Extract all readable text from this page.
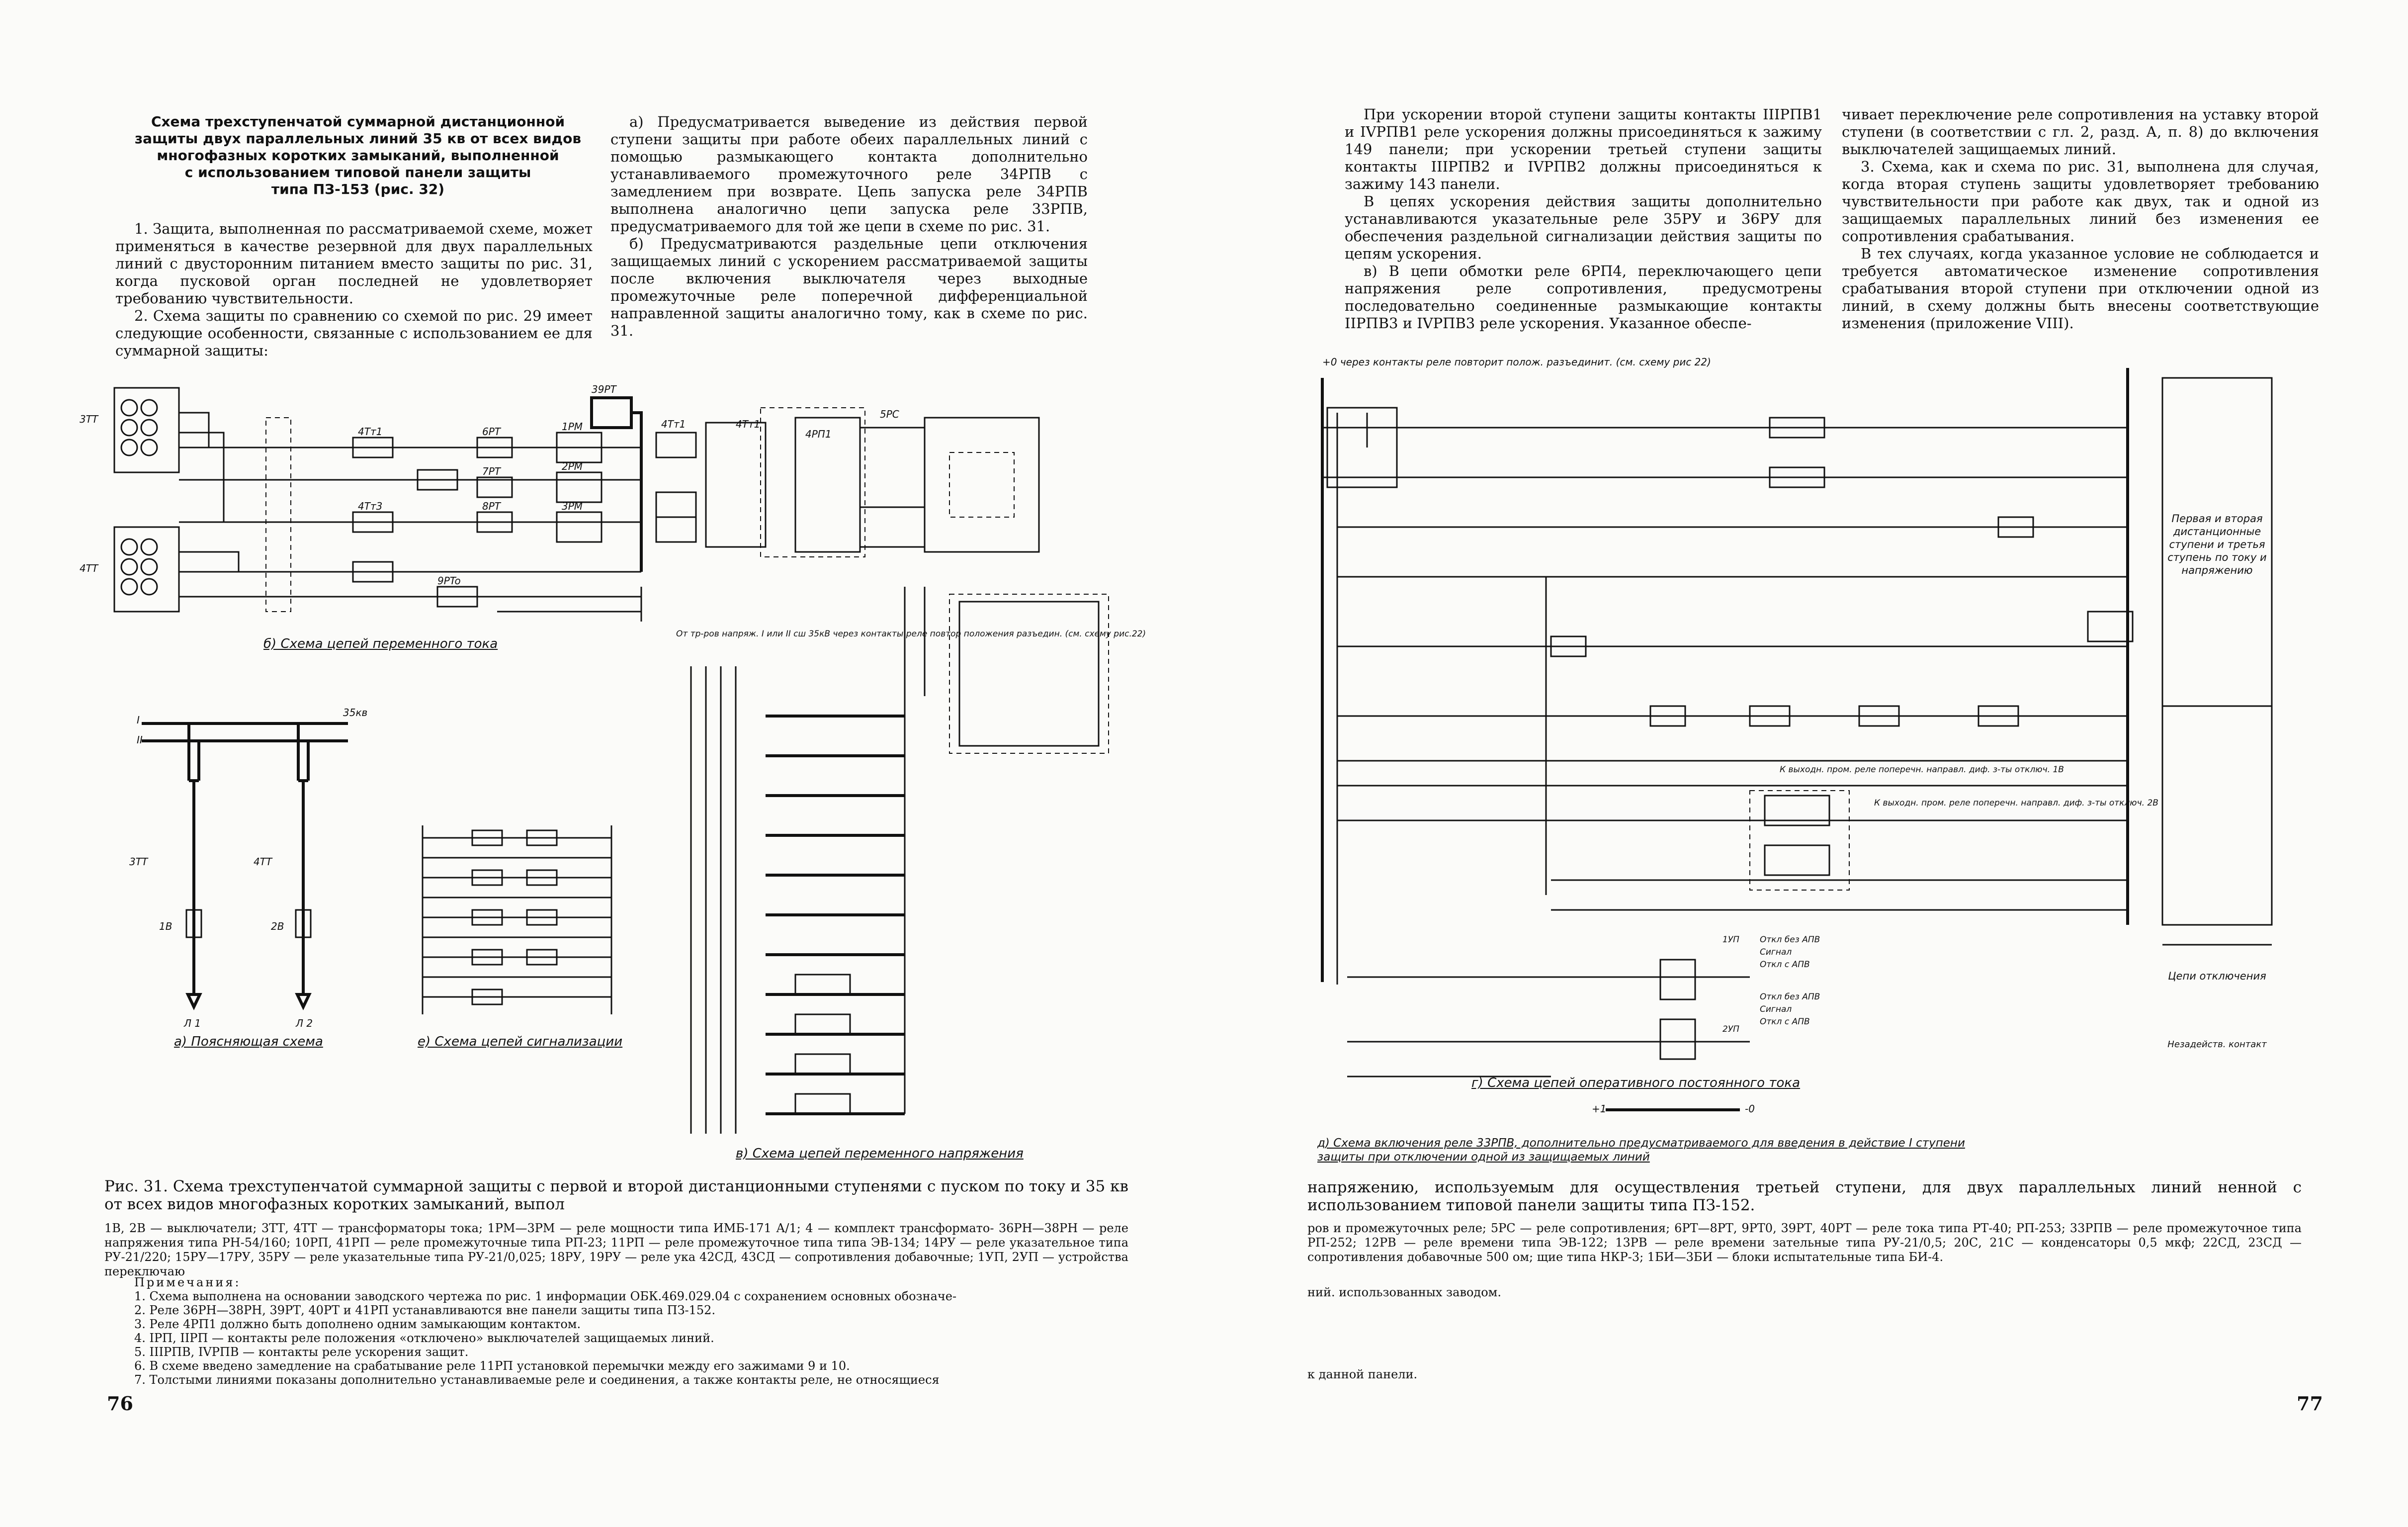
Схема трехступенчатой суммарной дистанционной
защиты двух параллельных линий 35 кв от всех видов
многофазных коротких замыканий, выполненной
с использованием типовой панели защиты
типа ПЗ-153 (рис. 32)

1. Защита, выполненная по рассматриваемой схеме, может применяться в качестве резервной для двух параллельных линий с двусторонним питанием вместо защиты по рис. 31, когда пусковой орган последней не удовлетворяет требованию чувствительности.

2. Схема защиты по сравнению со схемой по рис. 29 имеет следующие особенности, связанные с использованием ее для суммарной защиты:

а) Предусматривается выведение из действия первой ступени защиты при работе обеих параллельных линий с помощью размыкающего контакта дополнительно устанавливаемого промежуточного реле 34РПВ с замедлением при возврате. Цепь запуска реле 34РПВ выполнена аналогично цепи запуска реле 33РПВ, предусматриваемого для той же цепи в схеме по рис. 31.

б) Предусматриваются раздельные цепи отключения защищаемых линий с ускорением рассматриваемой защиты после включения выключателя через выходные промежуточные реле поперечной дифференциальной направленной защиты аналогично тому, как в схеме по рис. 31.

3ТТ
4ТТ
39PT
4Tт1	4Tт1
4РП1
5РС
4Tт1
4Tт3
9PTo
6PT
7PT
8PT
1PM
2PM
3PM
I
II
35кв
3ТТ	4ТТ
1В	2В
Л 1	Л 2
От тр-ров напряж. I или II сш 35кВ через контакты реле повтор положения разъедин. (см. схему рис.22)
б) Схема цепей переменного тока
а) Поясняющая схема	е) Схема цепей сигнализации
в) Схема цепей переменного напряжения
Рис. 31. Схема трехступенчатой суммарной защиты с первой и второй дистанционными ступенями с пуском по току и 35 кв от всех видов многофазных коротких замыканий, выпол
1В, 2В — выключатели; 3ТТ, 4ТТ — трансформаторы тока; 1РМ—3РМ — реле мощности типа ИМБ-171 А/1; 4 — комплект трансформато- 36РН—38РН — реле напряжения типа РН-54/160; 10РП, 41РП — реле промежуточные типа РП-23; 11РП — реле промежуточное типа типа ЭВ-134; 14РУ — реле указательное типа РУ-21/220; 15РУ—17РУ, 35РУ — реле указательные типа РУ-21/0,025; 18РУ, 19РУ — реле ука 42СД, 43СД — сопротивления добавочные; 1УП, 2УП — устройства переключаю
Примечания:
1. Схема выполнена на основании заводского чертежа по рис. 1 информации ОБК.469.029.04 с сохранением основных обозначе-
2. Реле 36РН—38РН, 39РТ, 40РТ и 41РП устанавливаются вне панели защиты типа ПЗ-152.
3. Реле 4РП1 должно быть дополнено одним замыкающим контактом.
4. IРП, IIРП — контакты реле положения «отключено» выключателей защищаемых линий.
5. IIIРПВ, IVРПВ — контакты реле ускорения защит.
6. В схеме введено замедление на срабатывание реле 11РП установкой перемычки между его зажимами 9 и 10.
7. Толстыми линиями показаны дополнительно устанавливаемые реле и соединения, а также контакты реле, не относящиеся
76

При ускорении второй ступени защиты контакты IIIРПВ1 и IVРПВ1 реле ускорения должны присоединяться к зажиму 149 панели; при ускорении третьей ступени защиты контакты IIIРПВ2 и IVРПВ2 должны присоединяться к зажиму 143 панели.

В цепях ускорения действия защиты дополнительно устанавливаются указательные реле 35РУ и 36РУ для обеспечения раздельной сигнализации действия защиты по цепям ускорения.

в) В цепи обмотки реле 6РП4, переключающего цепи напряжения реле сопротивления, предусмотрены последовательно соединенные размыкающие контакты IIРПВ3 и IVРПВ3 реле ускорения. Указанное обеспе-

чивает переключение реле сопротивления на уставку второй ступени (в соответствии с гл. 2, разд. А, п. 8) до включения выключателей защищаемых линий.

3. Схема, как и схема по рис. 31, выполнена для случая, когда вторая ступень защиты удовлетворяет требованию чувствительности при работе как двух, так и одной из защищаемых параллельных линий без изменения ее сопротивления срабатывания.

В тех случаях, когда указанное условие не соблюдается и требуется автоматическое изменение сопротивления срабатывания второй ступени при отключении одной из линий, в схему должны быть внесены соответствующие изменения (приложение VIII).

+0 через контакты реле повторит полож. разъединит. (см. схему рис 22)
+1	-0
К выходн. пром. реле поперечн. направл. диф. з-ты отключ. 1В
К выходн. пром. реле поперечн. направл. диф. з-ты отключ. 2В
Откл без АПВ
Сигнал
Откл с АПВ
Откл без АПВ
Сигнал
Откл с АПВ
1УП
2УП
Первая и вторая дистанционные ступени и третья ступень по току и напряжению
Цепи отключения
Незадейств. контакт
г) Схема цепей оперативного постоянного тока
д) Схема включения реле 33РПВ, дополнительно предусматриваемого для введения в действие I ступени защиты при отключении одной из защищаемых линий
напряжению, используемым для осуществления третьей ступени, для двух параллельных линий ненной с использованием типовой панели защиты типа ПЗ-152.
ров и промежуточных реле; 5РС — реле сопротивления; 6РТ—8РТ, 9РТ0, 39РТ, 40РТ — реле тока типа РТ-40; РП-253; 33РПВ — реле промежуточное типа РП-252; 12РВ — реле времени типа ЭВ-122; 13РВ — реле времени зательные типа РУ-21/0,5; 20С, 21С — конденсаторы 0,5 мкф; 22СД, 23СД — сопротивления добавочные 500 ом; щие типа НКР-3; 1БИ—3БИ — блоки испытательные типа БИ-4.
ний. использованных заводом.
к данной панели.
77
